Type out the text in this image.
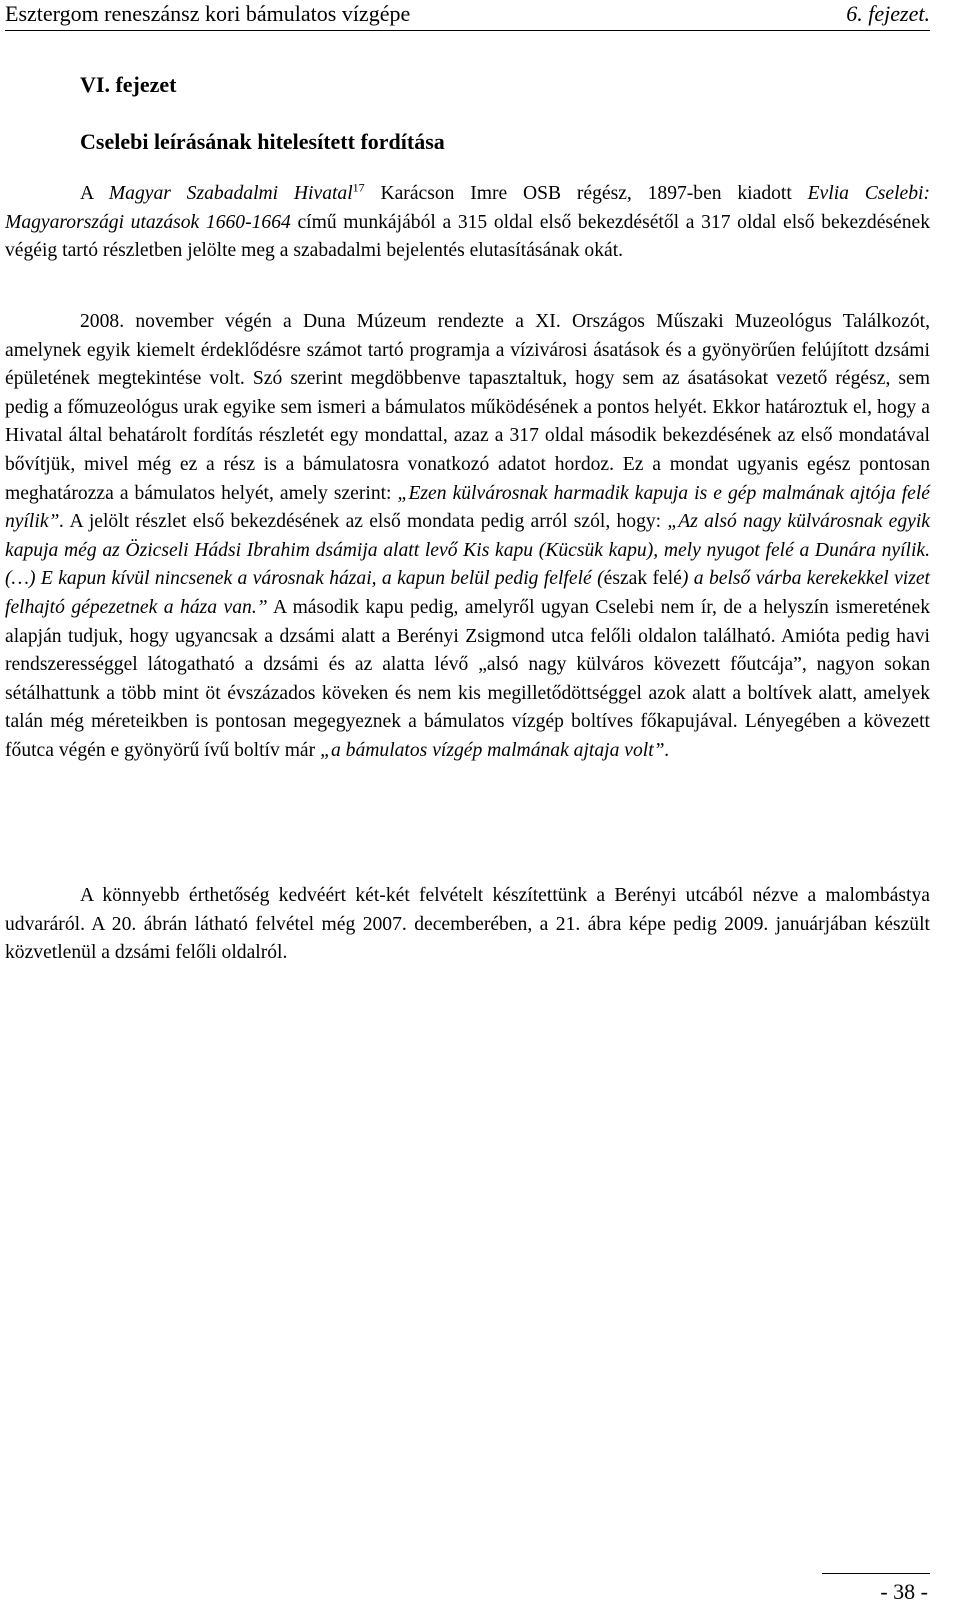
Esztergom reneszánsz kori bámulatos vízgépe	6. fejezet.
VI. fejezet
Cselebi leírásának hitelesített fordítása

A Magyar Szabadalmi Hivatal$^{17}$ Karácson Imre OSB régész, 1897-ben kiadott Evlia Cselebi: Magyarországi utazások 1660-1664 című munkájából a 315 oldal első bekezdésétől a 317 oldal első bekezdésének végéig tartó részletben jelölte meg a szabadalmi bejelentés elutasításának okát.

2008. november végén a Duna Múzeum rendezte a XI. Országos Műszaki Muzeológus Találkozót, amelynek egyik kiemelt érdeklődésre számot tartó programja a vízivárosi ásatások és a gyönyörűen felújított dzsámi épületének megtekintése volt. Szó szerint megdöbbenve tapasztaltuk, hogy sem az ásatásokat vezető régész, sem pedig a főmuzeológus urak egyike sem ismeri a bámulatos működésének a pontos helyét. Ekkor határoztuk el, hogy a Hivatal által behatárolt fordítás részletét egy mondattal, azaz a 317 oldal második bekezdésének az első mondatával bővítjük, mivel még ez a rész is a bámulatosra vonatkozó adatot hordoz. Ez a mondat ugyanis egész pontosan meghatározza a bámulatos helyét, amely szerint: „Ezen külvárosnak harmadik kapuja is e gép malmának ajtója felé nyílik”. A jelölt részlet első bekezdésének az első mondata pedig arról szól, hogy: „Az alsó nagy külvárosnak egyik kapuja még az Özicseli Hádsi Ibrahim dsámija alatt levő Kis kapu (Kücsük kapu), mely nyugot felé a Dunára nyílik. (…) E kapun kívül nincsenek a városnak házai, a kapun belül pedig felfelé (észak felé) a belső várba kerekekkel vizet felhajtó gépezetnek a háza van.” A második kapu pedig, amelyről ugyan Cselebi nem ír, de a helyszín ismeretének alapján tudjuk, hogy ugyancsak a dzsámi alatt a Berényi Zsigmond utca felőli oldalon található. Amióta pedig havi rendszerességgel látogatható a dzsámi és az alatta lévő „alsó nagy külváros kövezett főutcája”, nagyon sokan sétálhattunk a több mint öt évszázados köveken és nem kis megilletődöttséggel azok alatt a boltívek alatt, amelyek talán még méreteikben is pontosan megegyeznek a bámulatos vízgép boltíves főkapujával. Lényegében a kövezett főutca végén e gyönyörű ívű boltív már „a bámulatos vízgép malmának ajtaja volt”.

A könnyebb érthetőség kedvéért két-két felvételt készítettünk a Berényi utcából nézve a malombástya udvaráról. A 20. ábrán látható felvétel még 2007. decemberében, a 21. ábra képe pedig 2009. januárjában készült közvetlenül a dzsámi felőli oldalról.

- 38 -
